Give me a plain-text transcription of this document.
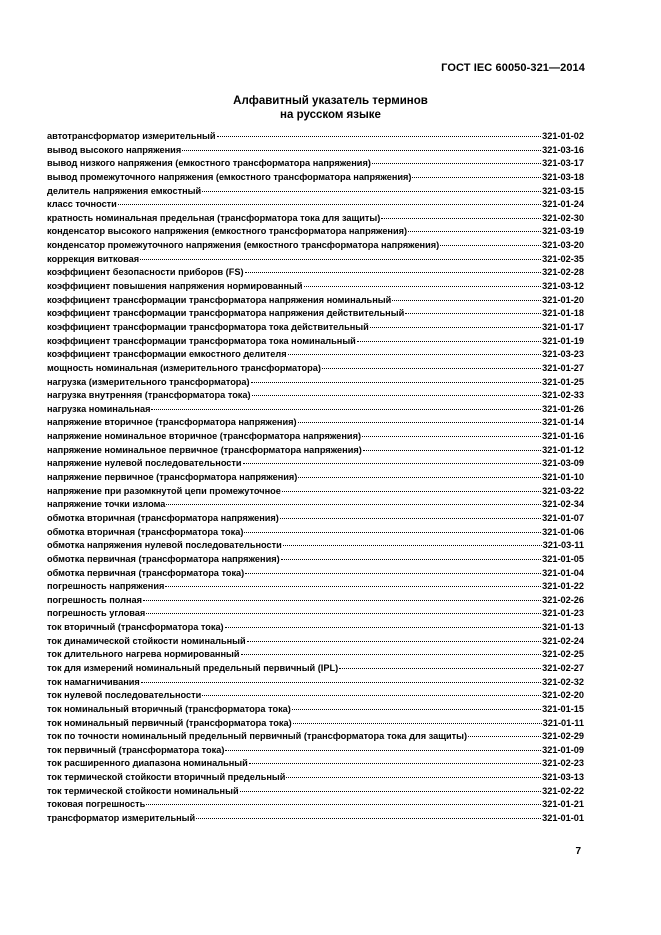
ГОСТ IEC 60050-321—2014
Алфавитный указатель терминов
на русском языке
автотрансформатор измерительный	321-01-02
вывод высокого напряжения	321-03-16
вывод низкого напряжения (емкостного трансформатора напряжения)	321-03-17
вывод промежуточного напряжения (емкостного трансформатора напряжения)	321-03-18
делитель напряжения емкостный	321-03-15
класс точности	321-01-24
кратность номинальная предельная (трансформатора тока для защиты)	321-02-30
конденсатор высокого напряжения (емкостного трансформатора напряжения)	321-03-19
конденсатор промежуточного напряжения (емкостного трансформатора напряжения)	321-03-20
коррекция витковая	321-02-35
коэффициент безопасности приборов (FS)	321-02-28
коэффициент повышения напряжения нормированный	321-03-12
коэффициент трансформации трансформатора напряжения номинальный	321-01-20
коэффициент трансформации трансформатора напряжения действительный	321-01-18
коэффициент трансформации трансформатора тока действительный	321-01-17
коэффициент трансформации трансформатора тока номинальный	321-01-19
коэффициент трансформации емкостного делителя	321-03-23
мощность номинальная (измерительного трансформатора)	321-01-27
нагрузка (измерительного трансформатора)	321-01-25
нагрузка внутренняя (трансформатора тока)	321-02-33
нагрузка номинальная	321-01-26
напряжение вторичное (трансформатора напряжения)	321-01-14
напряжение номинальное вторичное (трансформатора напряжения)	321-01-16
напряжение номинальное первичное (трансформатора напряжения)	321-01-12
напряжение нулевой последовательности	321-03-09
напряжение первичное (трансформатора напряжения)	321-01-10
напряжение при разомкнутой цепи промежуточное	321-03-22
напряжение точки излома	321-02-34
обмотка вторичная (трансформатора напряжения)	321-01-07
обмотка вторичная (трансформатора тока)	321-01-06
обмотка напряжения нулевой последовательности	321-03-11
обмотка первичная (трансформатора напряжения)	321-01-05
обмотка первичная (трансформатора тока)	321-01-04
погрешность напряжения	321-01-22
погрешность полная	321-02-26
погрешность угловая	321-01-23
ток вторичный (трансформатора тока)	321-01-13
ток динамической стойкости номинальный	321-02-24
ток длительного нагрева нормированный	321-02-25
ток для измерений номинальный предельный первичный (IPL)	321-02-27
ток намагничивания	321-02-32
ток нулевой последовательности	321-02-20
ток номинальный вторичный (трансформатора тока)	321-01-15
ток номинальный первичный (трансформатора тока)	321-01-11
ток по точности номинальный предельный первичный (трансформатора тока для защиты)	321-02-29
ток первичный (трансформатора тока)	321-01-09
ток расширенного диапазона номинальный	321-02-23
ток термической стойкости вторичный предельный	321-03-13
ток термической стойкости номинальный	321-02-22
токовая погрешность	321-01-21
трансформатор измерительный	321-01-01
7
